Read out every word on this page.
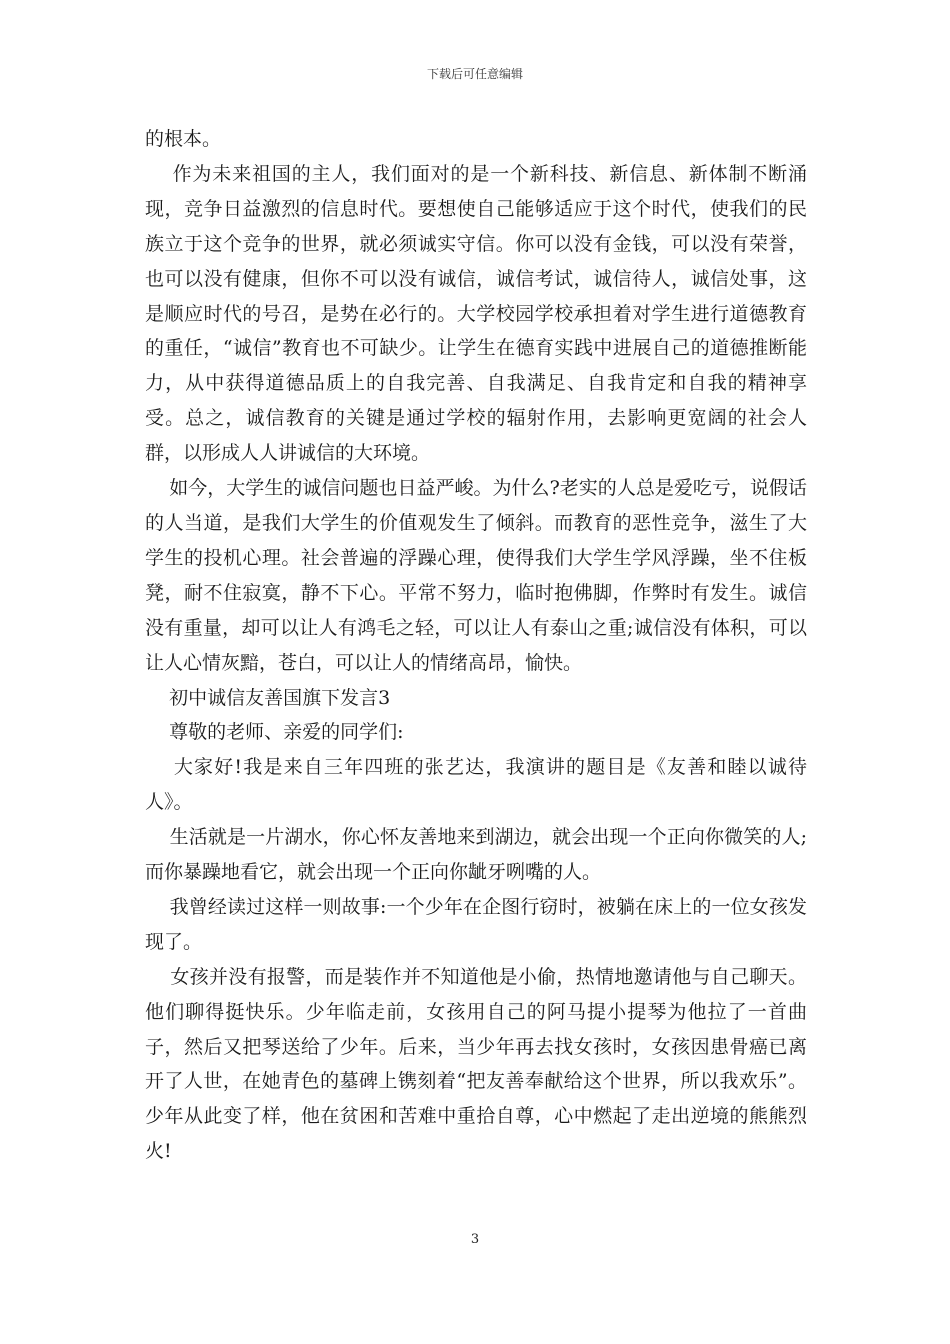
下载后可任意编辑

的根本。

作为未来祖国的主人，我们面对的是一个新科技、新信息、新体制不断涌现，竞争日益激烈的信息时代。要想使自己能够适应于这个时代，使我们的民族立于这个竞争的世界，就必须诚实守信。你可以没有金钱，可以没有荣誉，也可以没有健康，但你不可以没有诚信，诚信考试，诚信待人，诚信处事，这是顺应时代的号召，是势在必行的。大学校园学校承担着对学生进行道德教育的重任，“诚信”教育也不可缺少。让学生在德育实践中进展自己的道德推断能力，从中获得道德品质上的自我完善、自我满足、自我肯定和自我的精神享受。总之，诚信教育的关键是通过学校的辐射作用，去影响更宽阔的社会人群，以形成人人讲诚信的大环境。

如今，大学生的诚信问题也日益严峻。为什么?老实的人总是爱吃亏，说假话的人当道，是我们大学生的价值观发生了倾斜。而教育的恶性竞争，滋生了大学生的投机心理。社会普遍的浮躁心理，使得我们大学生学风浮躁，坐不住板凳，耐不住寂寞，静不下心。平常不努力，临时抱佛脚，作弊时有发生。诚信没有重量，却可以让人有鸿毛之轻，可以让人有泰山之重;诚信没有体积，可以让人心情灰黯，苍白，可以让人的情绪高昂，愉快。

初中诚信友善国旗下发言3

尊敬的老师、亲爱的同学们:

大家好!我是来自三年四班的张艺达，我演讲的题目是《友善和睦以诚待人》。

生活就是一片湖水，你心怀友善地来到湖边，就会出现一个正向你微笑的人;而你暴躁地看它，就会出现一个正向你龇牙咧嘴的人。

我曾经读过这样一则故事:一个少年在企图行窃时，被躺在床上的一位女孩发现了。

女孩并没有报警，而是装作并不知道他是小偷，热情地邀请他与自己聊天。他们聊得挺快乐。少年临走前，女孩用自己的阿马提小提琴为他拉了一首曲子，然后又把琴送给了少年。后来，当少年再去找女孩时，女孩因患骨癌已离开了人世，在她青色的墓碑上镌刻着“把友善奉献给这个世界，所以我欢乐”。少年从此变了样，他在贫困和苦难中重拾自尊，心中燃起了走出逆境的熊熊烈火!

3
